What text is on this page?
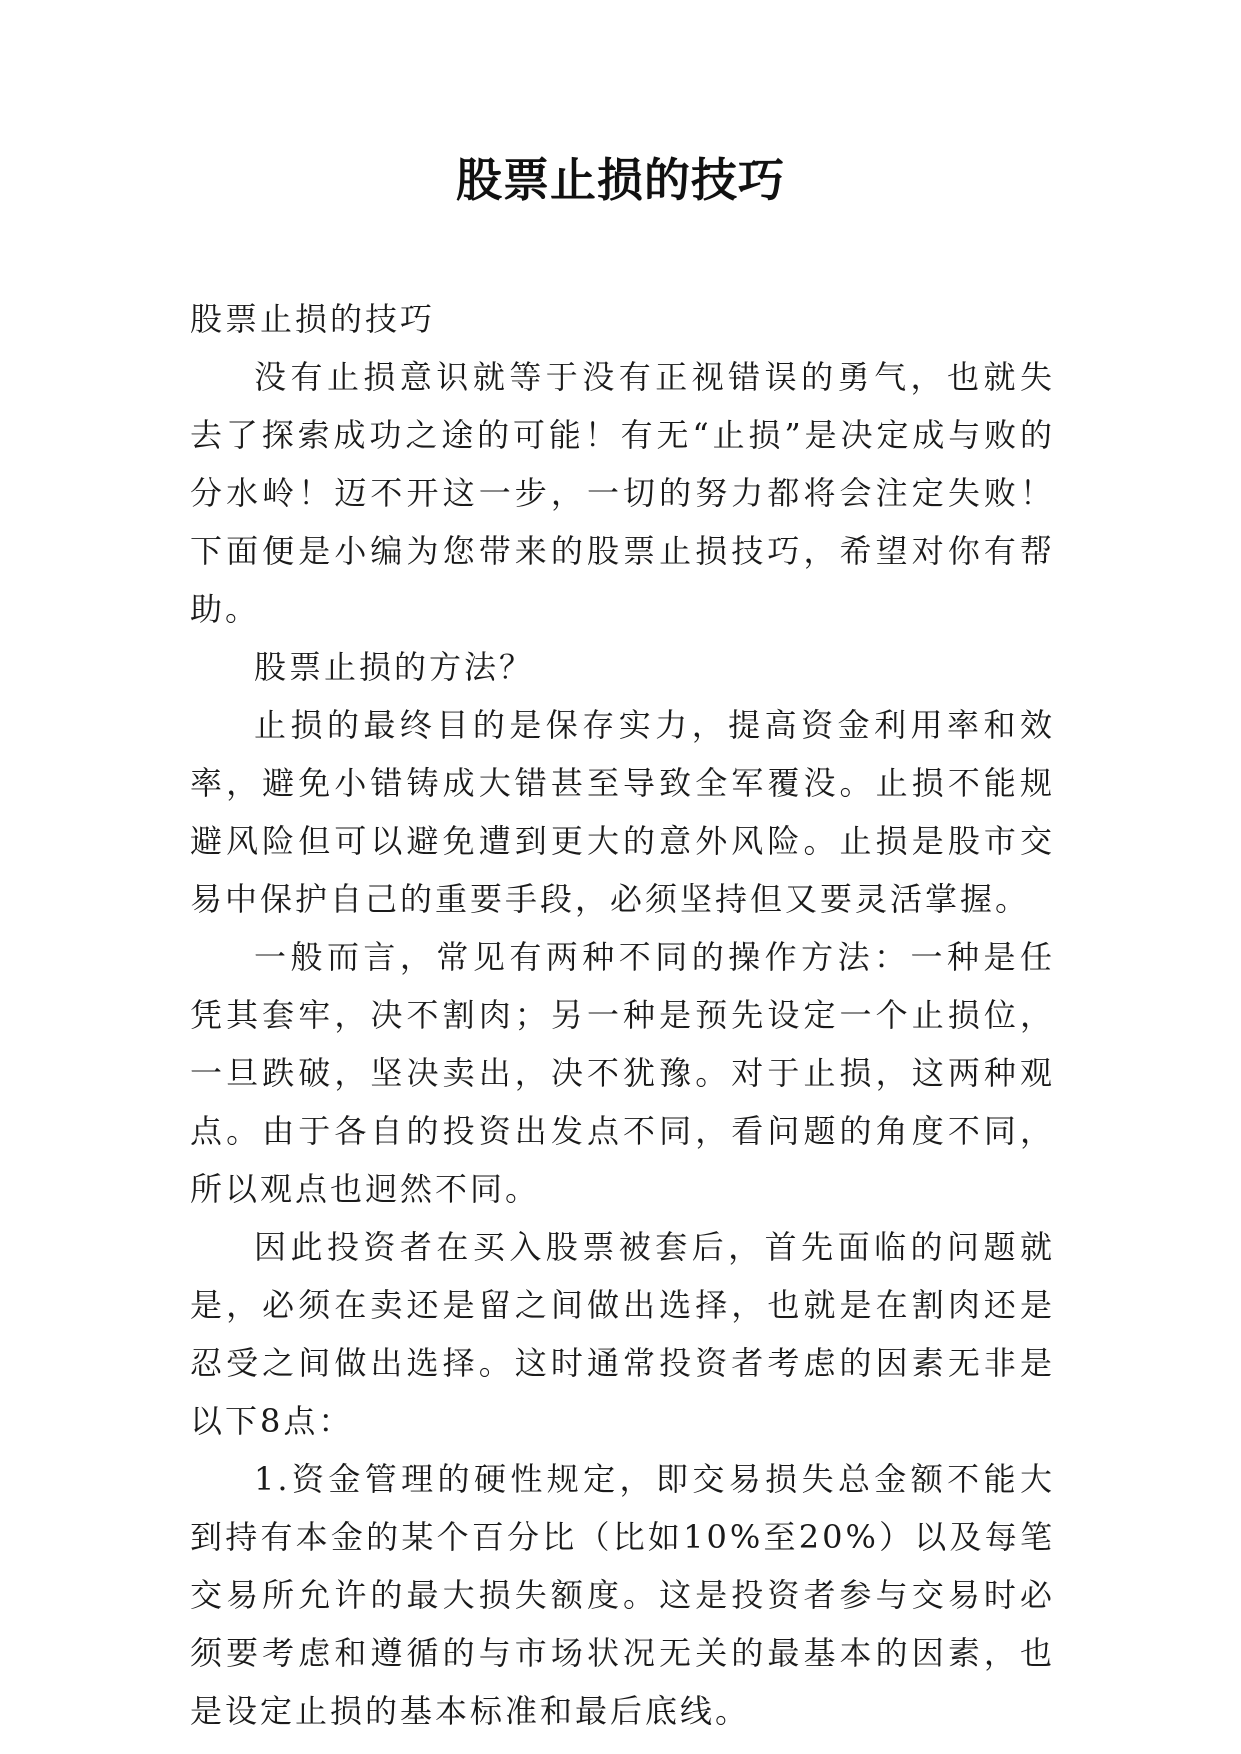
股票止损的技巧

股票止损的技巧

没有止损意识就等于没有正视错误的勇气，也就失去了探索成功之途的可能！有无“止损”是决定成与败的分水岭！迈不开这一步，一切的努力都将会注定失败！下面便是小编为您带来的股票止损技巧，希望对你有帮助。

股票止损的方法？

止损的最终目的是保存实力，提高资金利用率和效率，避免小错铸成大错甚至导致全军覆没。止损不能规避风险但可以避免遭到更大的意外风险。止损是股市交易中保护自己的重要手段，必须坚持但又要灵活掌握。

一般而言，常见有两种不同的操作方法：一种是任凭其套牢，决不割肉；另一种是预先设定一个止损位，一旦跌破，坚决卖出，决不犹豫。对于止损，这两种观点。由于各自的投资出发点不同，看问题的角度不同，所以观点也迥然不同。

因此投资者在买入股票被套后，首先面临的问题就是，必须在卖还是留之间做出选择，也就是在割肉还是忍受之间做出选择。这时通常投资者考虑的因素无非是以下8点：

1.资金管理的硬性规定，即交易损失总金额不能大到持有本金的某个百分比（比如10%至20%）以及每笔交易所允许的最大损失额度。这是投资者参与交易时必须要考虑和遵循的与市场状况无关的最基本的因素，也是设定止损的基本标准和最后底线。
